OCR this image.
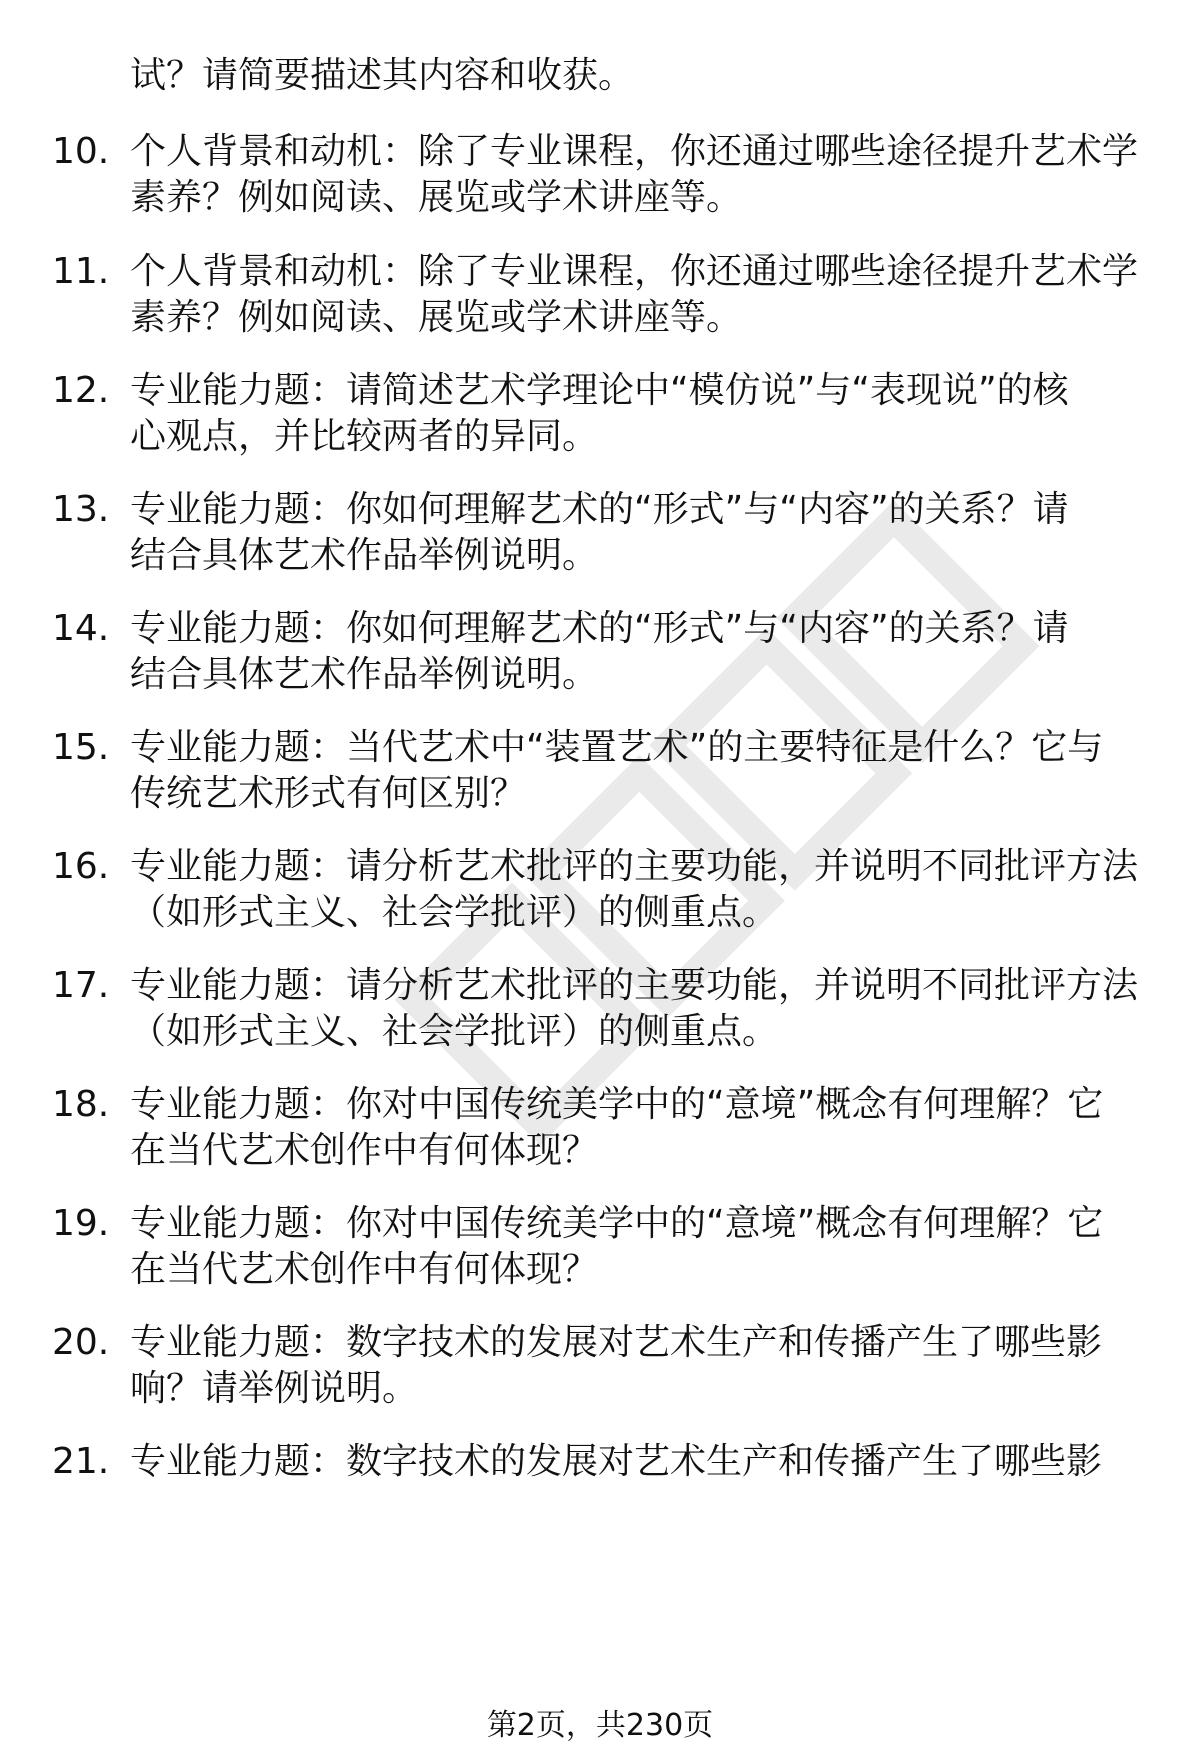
试？请简要描述其内容和收获。
10. 个人背景和动机：除了专业课程，你还通过哪些途径提升艺术学
素养？例如阅读、展览或学术讲座等。
11. 个人背景和动机：除了专业课程，你还通过哪些途径提升艺术学
素养？例如阅读、展览或学术讲座等。
12. 专业能力题：请简述艺术学理论中“模仿说”与“表现说”的核
心观点，并比较两者的异同。
13. 专业能力题：你如何理解艺术的“形式”与“内容”的关系？请
结合具体艺术作品举例说明。
14. 专业能力题：你如何理解艺术的“形式”与“内容”的关系？请
结合具体艺术作品举例说明。
15. 专业能力题：当代艺术中“装置艺术”的主要特征是什么？它与
传统艺术形式有何区别？
16. 专业能力题：请分析艺术批评的主要功能，并说明不同批评方法
（如形式主义、社会学批评）的侧重点。
17. 专业能力题：请分析艺术批评的主要功能，并说明不同批评方法
（如形式主义、社会学批评）的侧重点。
18. 专业能力题：你对中国传统美学中的“意境”概念有何理解？它
在当代艺术创作中有何体现？
19. 专业能力题：你对中国传统美学中的“意境”概念有何理解？它
在当代艺术创作中有何体现？
20. 专业能力题：数字技术的发展对艺术生产和传播产生了哪些影
响？请举例说明。
21. 专业能力题：数字技术的发展对艺术生产和传播产生了哪些影
第2页，共230页
